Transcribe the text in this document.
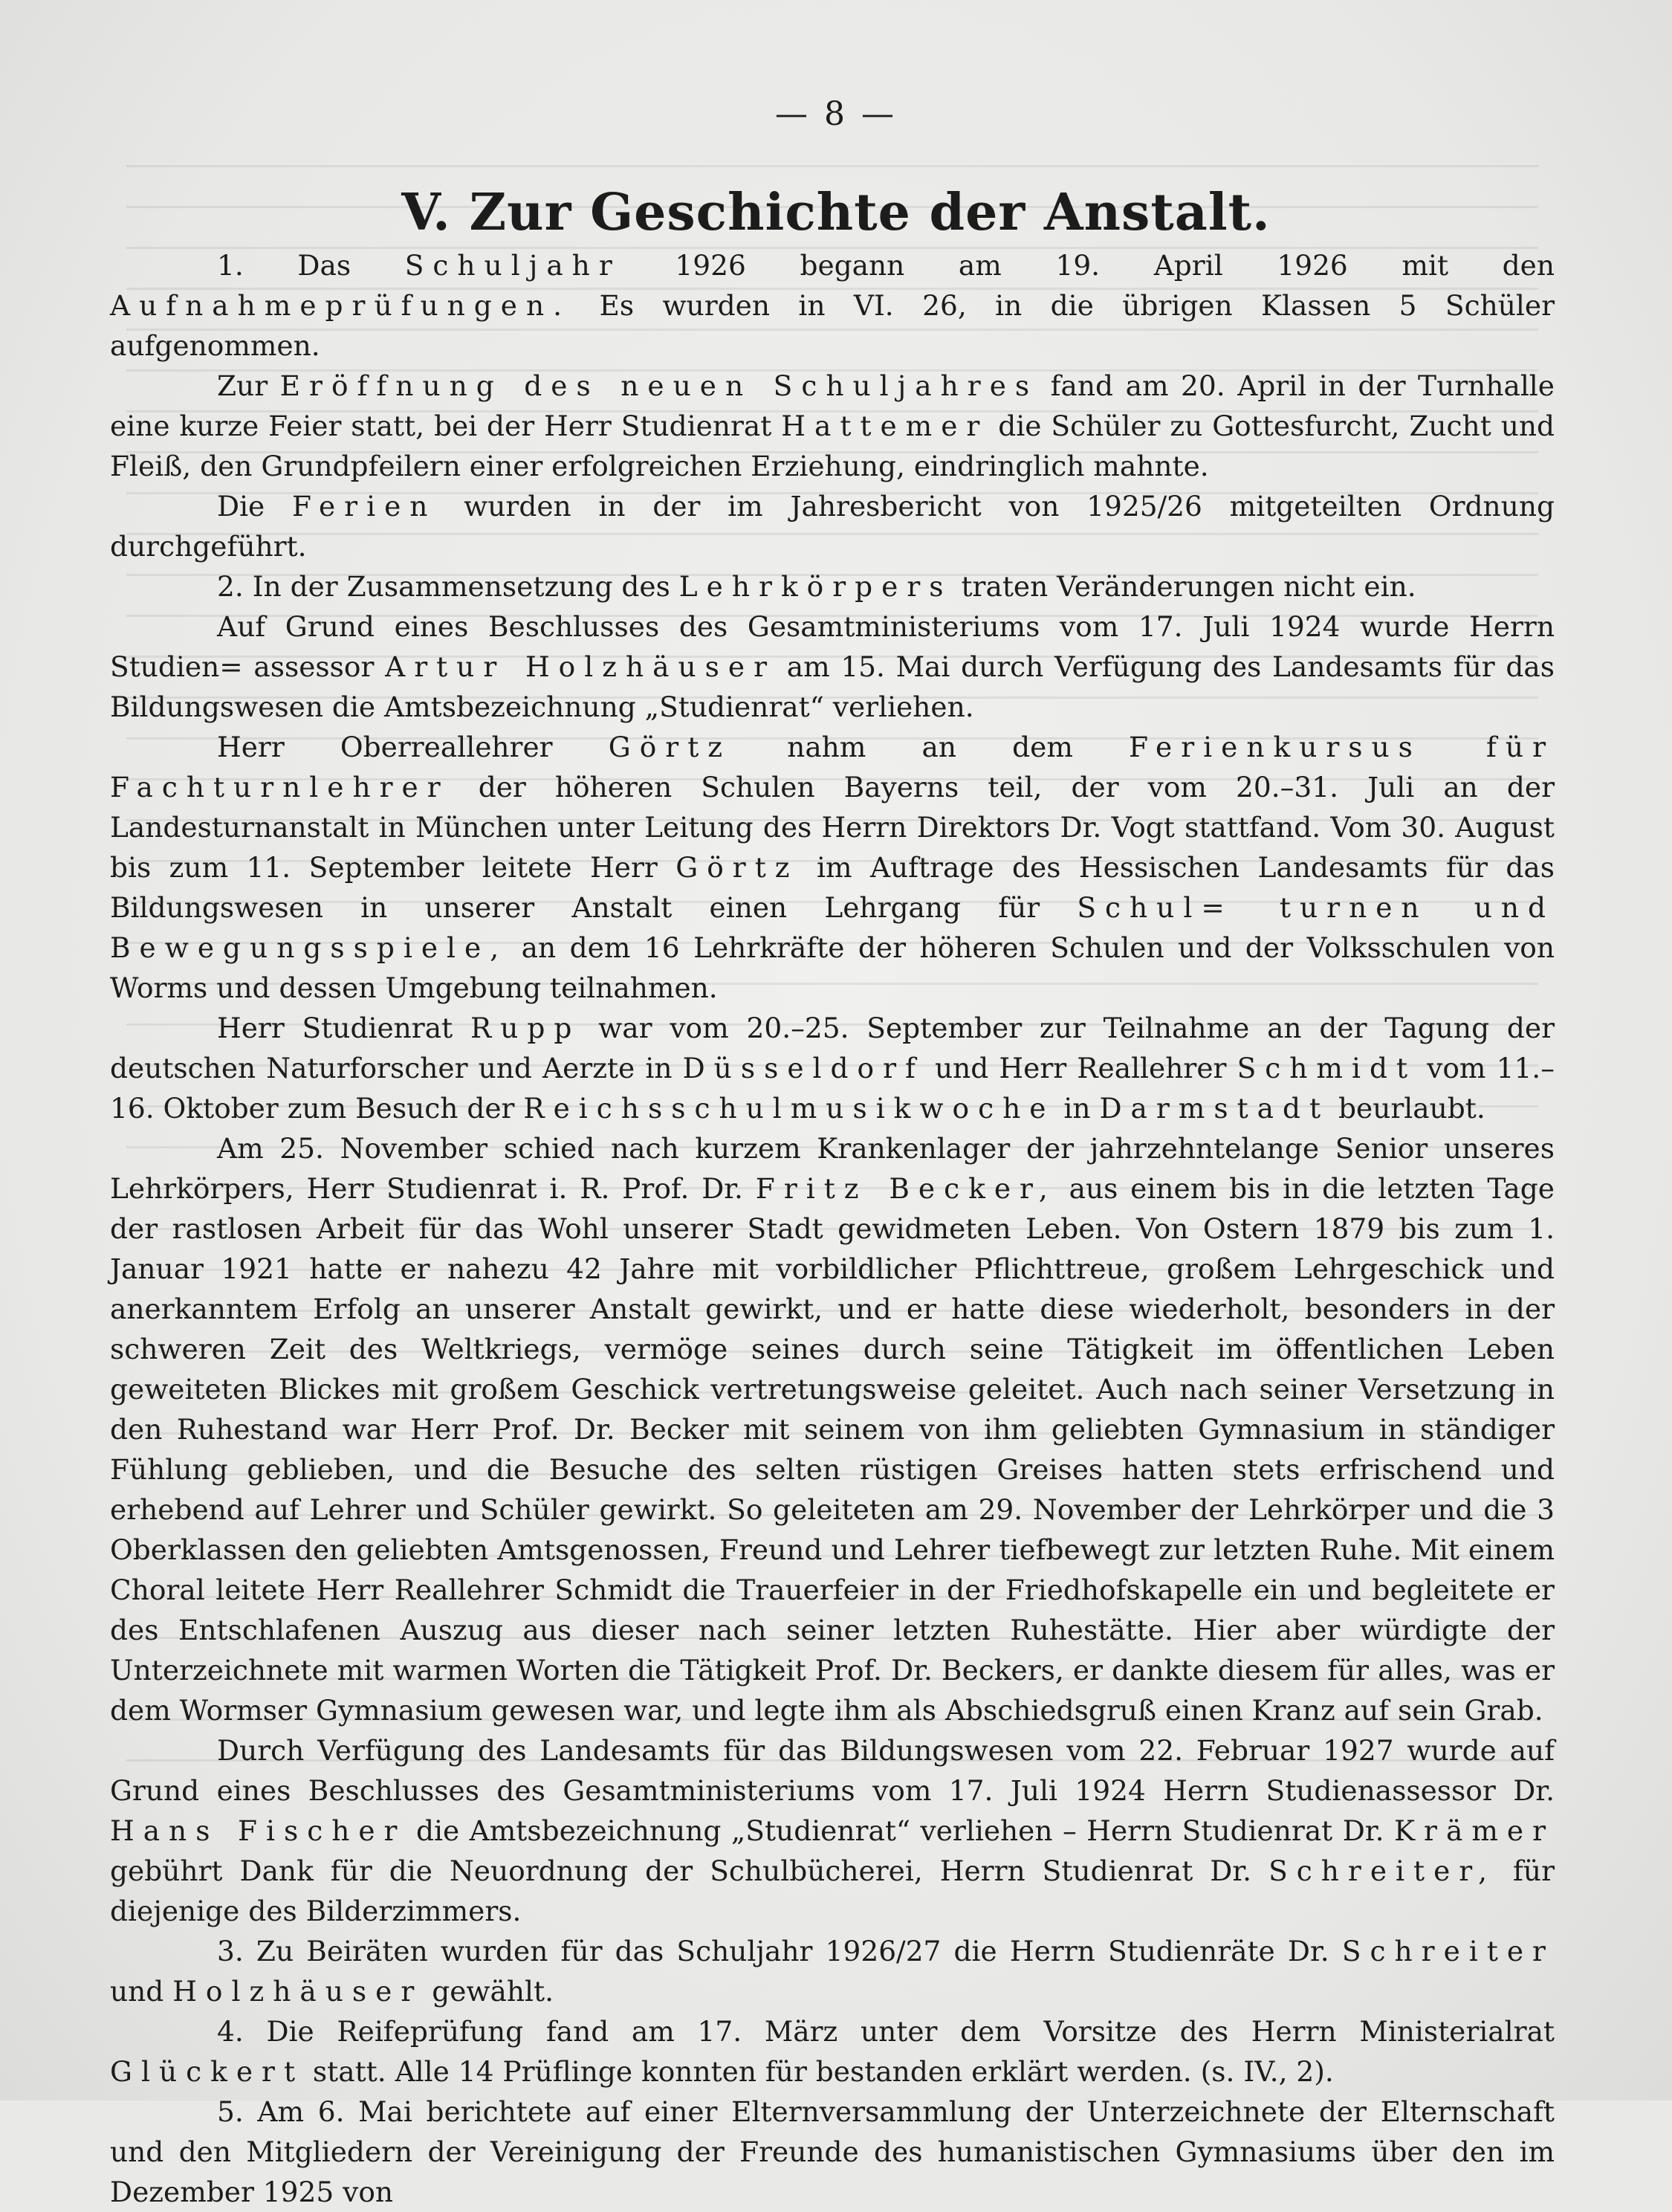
— 8 —
V. Zur Geschichte der Anstalt.

1. Das Schuljahr 1926 begann am 19. April 1926 mit den Aufnahmeprüfungen. Es wurden in VI. 26, in die übrigen Klassen 5 Schüler aufgenommen.

Zur Eröffnung des neuen Schuljahres fand am 20. April in der Turnhalle eine kurze Feier statt, bei der Herr Studienrat Hattemer die Schüler zu Gottesfurcht, Zucht und Fleiß, den Grundpfeilern einer erfolgreichen Erziehung, eindringlich mahnte.

Die Ferien wurden in der im Jahresbericht von 1925/26 mitgeteilten Ordnung durchgeführt.

2. In der Zusammensetzung des Lehrkörpers traten Veränderungen nicht ein.

Auf Grund eines Beschlusses des Gesamtministeriums vom 17. Juli 1924 wurde Herrn Studien= assessor Artur Holzhäuser am 15. Mai durch Verfügung des Landesamts für das Bildungswesen die Amtsbezeichnung „Studienrat“ verliehen.

Herr Oberreallehrer Görtz nahm an dem Ferienkursus für Fachturnlehrer der höheren Schulen Bayerns teil, der vom 20.–31. Juli an der Landesturnanstalt in München unter Leitung des Herrn Direktors Dr. Vogt stattfand. Vom 30. August bis zum 11. September leitete Herr Görtz im Auftrage des Hessischen Landesamts für das Bildungswesen in unserer Anstalt einen Lehrgang für Schul= turnen und Bewegungsspiele, an dem 16 Lehrkräfte der höheren Schulen und der Volksschulen von Worms und dessen Umgebung teilnahmen.

Herr Studienrat Rupp war vom 20.–25. September zur Teilnahme an der Tagung der deutschen Naturforscher und Aerzte in Düsseldorf und Herr Reallehrer Schmidt vom 11.–16. Oktober zum Besuch der Reichsschulmusikwoche in Darmstadt beurlaubt.

Am 25. November schied nach kurzem Krankenlager der jahrzehntelange Senior unseres Lehrkörpers, Herr Studienrat i. R. Prof. Dr. Fritz Becker, aus einem bis in die letzten Tage der rastlosen Arbeit für das Wohl unserer Stadt gewidmeten Leben. Von Ostern 1879 bis zum 1. Januar 1921 hatte er nahezu 42 Jahre mit vorbildlicher Pflichttreue, großem Lehrgeschick und anerkanntem Erfolg an unserer Anstalt gewirkt, und er hatte diese wiederholt, besonders in der schweren Zeit des Weltkriegs, vermöge seines durch seine Tätigkeit im öffentlichen Leben geweiteten Blickes mit großem Geschick vertretungsweise geleitet. Auch nach seiner Versetzung in den Ruhestand war Herr Prof. Dr. Becker mit seinem von ihm geliebten Gymnasium in ständiger Fühlung geblieben, und die Besuche des selten rüstigen Greises hatten stets erfrischend und erhebend auf Lehrer und Schüler gewirkt. So geleiteten am 29. November der Lehrkörper und die 3 Oberklassen den geliebten Amtsgenossen, Freund und Lehrer tiefbewegt zur letzten Ruhe. Mit einem Choral leitete Herr Reallehrer Schmidt die Trauerfeier in der Friedhofskapelle ein und begleitete er des Entschlafenen Auszug aus dieser nach seiner letzten Ruhestätte. Hier aber würdigte der Unterzeichnete mit warmen Worten die Tätigkeit Prof. Dr. Beckers, er dankte diesem für alles, was er dem Wormser Gymnasium gewesen war, und legte ihm als Abschiedsgruß einen Kranz auf sein Grab.

Durch Verfügung des Landesamts für das Bildungswesen vom 22. Februar 1927 wurde auf Grund eines Beschlusses des Gesamtministeriums vom 17. Juli 1924 Herrn Studienassessor Dr. Hans Fischer die Amtsbezeichnung „Studienrat“ verliehen – Herrn Studienrat Dr. Krämer gebührt Dank für die Neuordnung der Schulbücherei, Herrn Studienrat Dr. Schreiter, für diejenige des Bilderzimmers.

3. Zu Beiräten wurden für das Schuljahr 1926/27 die Herrn Studienräte Dr. Schreiter und Holzhäuser gewählt.

4. Die Reifeprüfung fand am 17. März unter dem Vorsitze des Herrn Ministerialrat Glückert statt. Alle 14 Prüflinge konnten für bestanden erklärt werden. (s. IV., 2).

5. Am 6. Mai berichtete auf einer Elternversammlung der Unterzeichnete der Elternschaft und den Mitgliedern der Vereinigung der Freunde des humanistischen Gymnasiums über den im Dezember 1925 von
